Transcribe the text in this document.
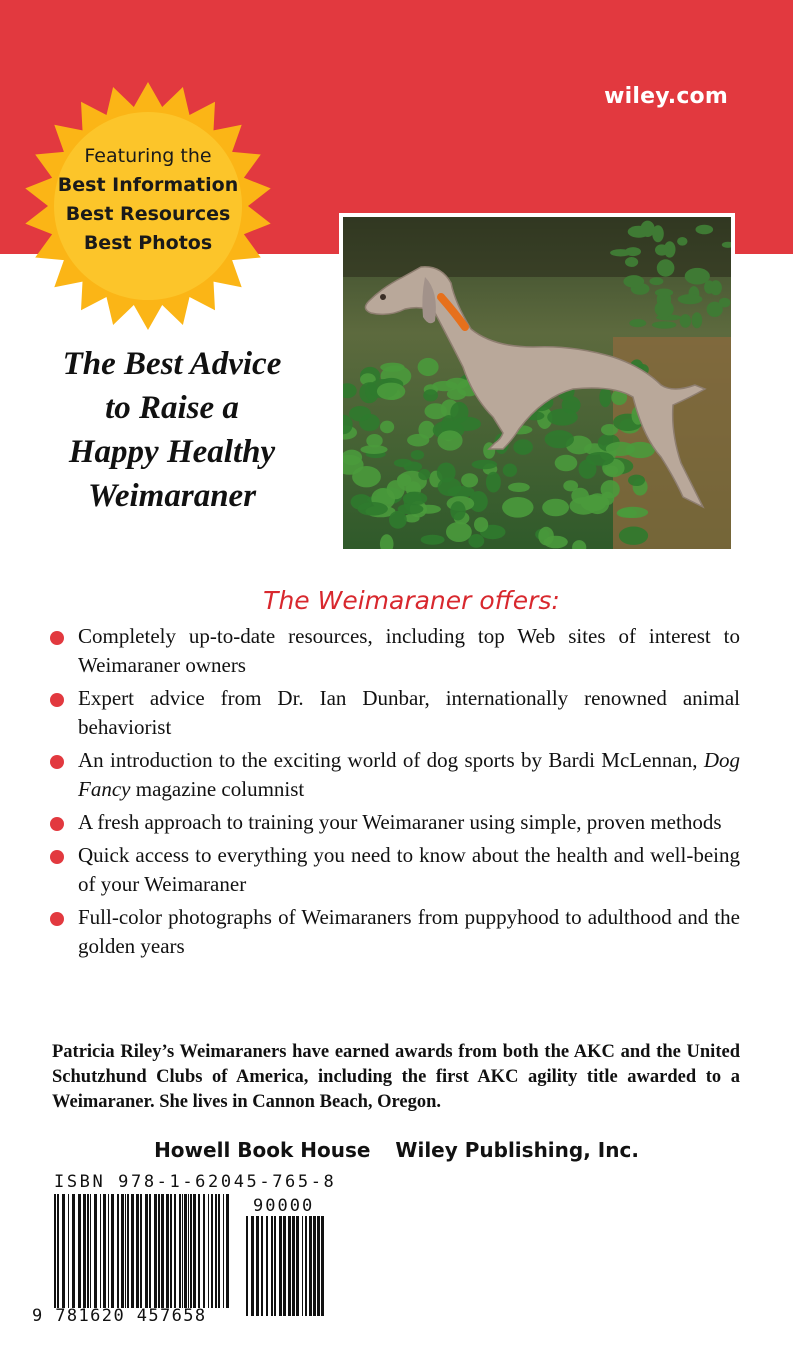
wiley.com
Featuring the
Best Information
Best Resources
Best Photos
The Best Advice
to Raise a
Happy Healthy
Weimaraner
The Weimaraner offers:
Completely up-to-date resources, including top Web sites of interest to Weimaraner owners
Expert advice from Dr. Ian Dunbar, internationally renowned animal behaviorist
An introduction to the exciting world of dog sports by Bardi McLennan, Dog Fancy magazine columnist
A fresh approach to training your Weimaraner using simple, proven methods
Quick access to everything you need to know about the health and well-being of your Weimaraner
Full-color photographs of Weimaraners from puppyhood to adulthood and the golden years
Patricia Riley’s Weimaraners have earned awards from both the AKC and the United Schutzhund Clubs of America, including the first AKC agility title awarded to a Weimaraner. She lives in Cannon Beach, Oregon.
Howell Book House Wiley Publishing, Inc.
ISBN 978-1-62045-765-8
90000
9 781620 457658
